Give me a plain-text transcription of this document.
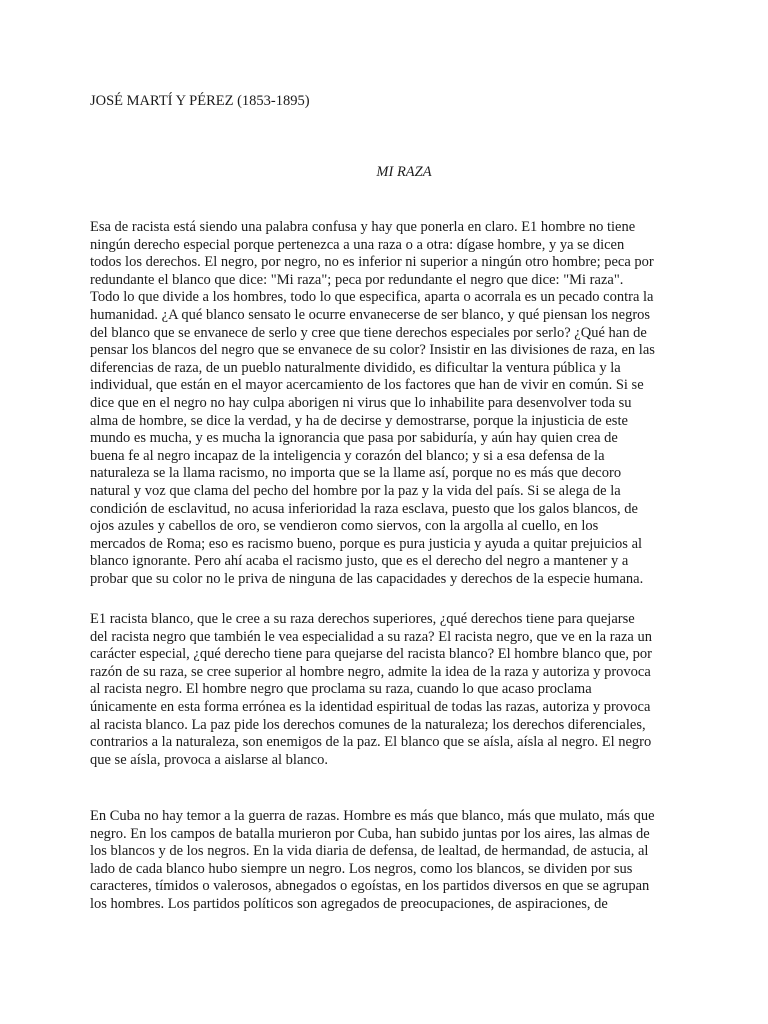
JOSÉ MARTÍ Y PÉREZ (1853-1895)
MI RAZA

Esa de racista está siendo una palabra confusa y hay que ponerla en claro. E1 hombre no tiene
ningún derecho especial porque pertenezca a una raza o a otra: dígase hombre, y ya se dicen
todos los derechos. El negro, por negro, no es inferior ni superior a ningún otro hombre; peca por
redundante el blanco que dice: "Mi raza"; peca por redundante el negro que dice: "Mi raza".
Todo lo que divide a los hombres, todo lo que especifica, aparta o acorrala es un pecado contra la
humanidad. ¿A qué blanco sensato le ocurre envanecerse de ser blanco, y qué piensan los negros
del blanco que se envanece de serlo y cree que tiene derechos especiales por serlo? ¿Qué han de
pensar los blancos del negro que se envanece de su color? Insistir en las divisiones de raza, en las
diferencias de raza, de un pueblo naturalmente dividido, es dificultar la ventura pública y la
individual, que están en el mayor acercamiento de los factores que han de vivir en común. Si se
dice que en el negro no hay culpa aborigen ni virus que lo inhabilite para desenvolver toda su
alma de hombre, se dice la verdad, y ha de decirse y demostrarse, porque la injusticia de este
mundo es mucha, y es mucha la ignorancia que pasa por sabiduría, y aún hay quien crea de
buena fe al negro incapaz de la inteligencia y corazón del blanco; y si a esa defensa de la
naturaleza se la llama racismo, no importa que se la llame así, porque no es más que decoro
natural y voz que clama del pecho del hombre por la paz y la vida del país. Si se alega de la
condición de esclavitud, no acusa inferioridad la raza esclava, puesto que los galos blancos, de
ojos azules y cabellos de oro, se vendieron como siervos, con la argolla al cuello, en los
mercados de Roma; eso es racismo bueno, porque es pura justicia y ayuda a quitar prejuicios al
blanco ignorante. Pero ahí acaba el racismo justo, que es el derecho del negro a mantener y a
probar que su color no le priva de ninguna de las capacidades y derechos de la especie humana.

E1 racista blanco, que le cree a su raza derechos superiores, ¿qué derechos tiene para quejarse
del racista negro que también le vea especialidad a su raza? El racista negro, que ve en la raza un
carácter especial, ¿qué derecho tiene para quejarse del racista blanco? El hombre blanco que, por
razón de su raza, se cree superior al hombre negro, admite la idea de la raza y autoriza y provoca
al racista negro. El hombre negro que proclama su raza, cuando lo que acaso proclama
únicamente en esta forma errónea es la identidad espiritual de todas las razas, autoriza y provoca
al racista blanco. La paz pide los derechos comunes de la naturaleza; los derechos diferenciales,
contrarios a la naturaleza, son enemigos de la paz. El blanco que se aísla, aísla al negro. El negro
que se aísla, provoca a aislarse al blanco.

En Cuba no hay temor a la guerra de razas. Hombre es más que blanco, más que mulato, más que
negro. En los campos de batalla murieron por Cuba, han subido juntas por los aires, las almas de
los blancos y de los negros. En la vida diaria de defensa, de lealtad, de hermandad, de astucia, al
lado de cada blanco hubo siempre un negro. Los negros, como los blancos, se dividen por sus
caracteres, tímidos o valerosos, abnegados o egoístas, en los partidos diversos en que se agrupan
los hombres. Los partidos políticos son agregados de preocupaciones, de aspiraciones, de
